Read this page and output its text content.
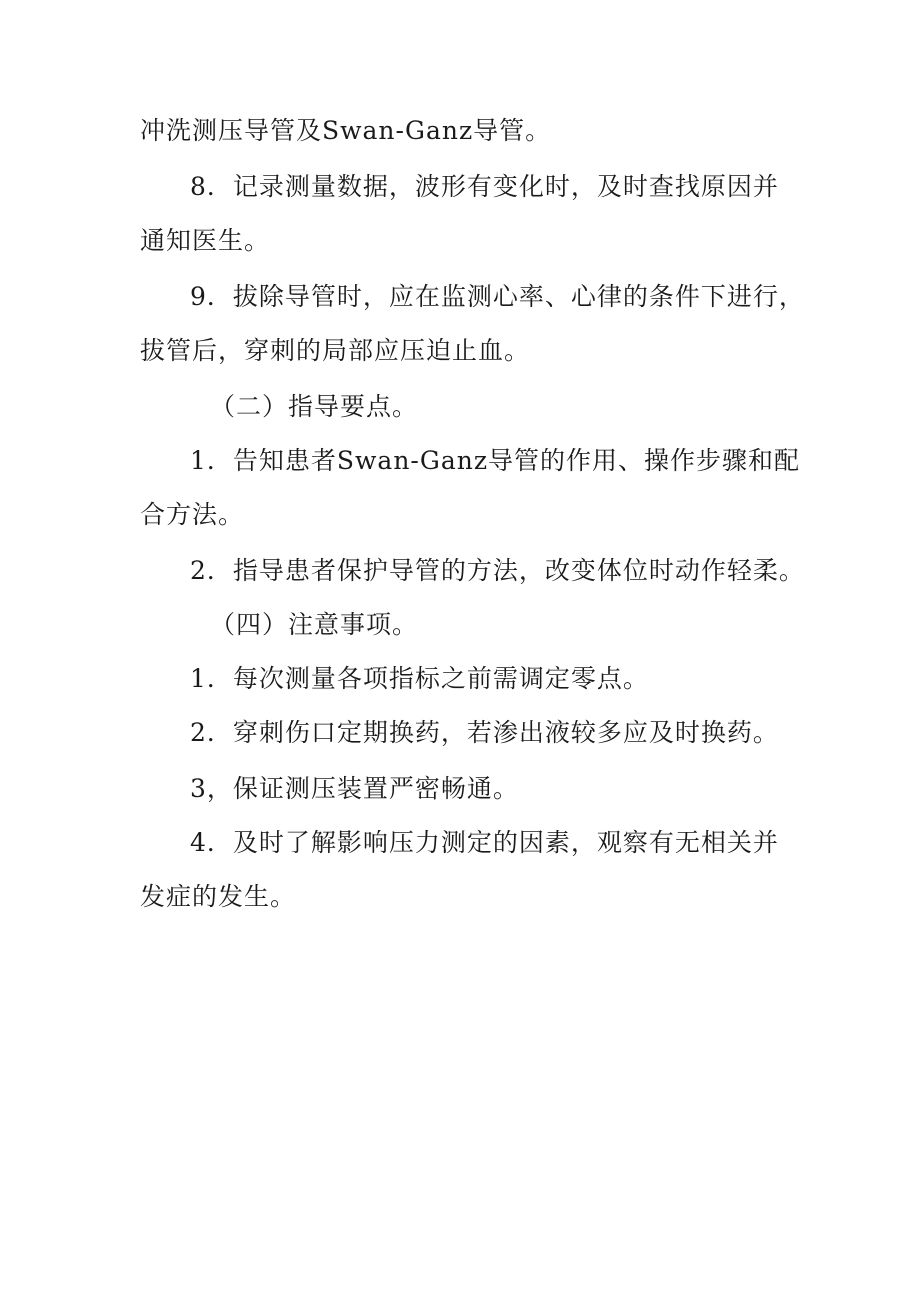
冲洗测压导管及Swan-Ganz导管。
8．记录测量数据，波形有变化时，及时查找原因并
通知医生。
9．拔除导管时，应在监测心率、心律的条件下进行，
拔管后，穿刺的局部应压迫止血。
（二）指导要点。
1．告知患者Swan-Ganz导管的作用、操作步骤和配
合方法。
2．指导患者保护导管的方法，改变体位时动作轻柔。
（四）注意事项。
1．每次测量各项指标之前需调定零点。
2．穿刺伤口定期换药，若渗出液较多应及时换药。
3，保证测压装置严密畅通。
4．及时了解影响压力测定的因素，观察有无相关并
发症的发生。
